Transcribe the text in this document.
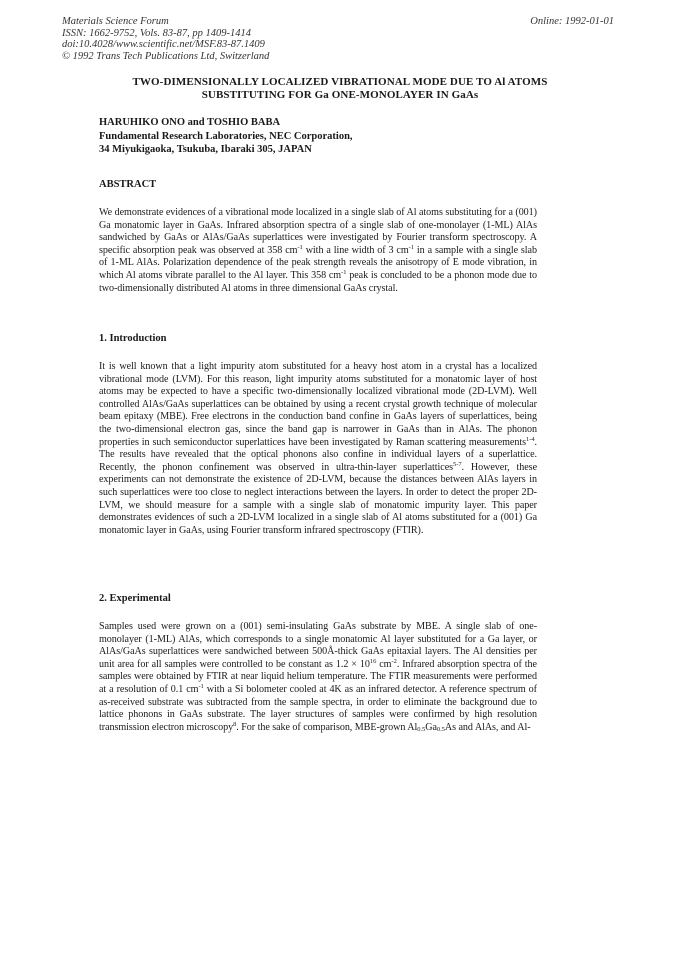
Materials Science Forum
ISSN: 1662-9752, Vols. 83-87, pp 1409-1414
doi:10.4028/www.scientific.net/MSF.83-87.1409
© 1992 Trans Tech Publications Ltd, Switzerland
Online: 1992-01-01
TWO-DIMENSIONALLY LOCALIZED VIBRATIONAL MODE DUE TO Al ATOMS
SUBSTITUTING FOR Ga ONE-MONOLAYER IN GaAs
HARUHIKO ONO and TOSHIO BABA
Fundamental Research Laboratories, NEC Corporation,
34 Miyukigaoka, Tsukuba, Ibaraki 305, JAPAN
ABSTRACT

We demonstrate evidences of a vibrational mode localized in a single slab of Al atoms substituting for a (001) Ga monatomic layer in GaAs. Infrared absorption spectra of a single slab of one-monolayer (1-ML) AlAs sandwiched by GaAs or AlAs/GaAs superlattices were investigated by Fourier transform spectroscopy. A specific absorption peak was observed at 358 $cm^{-1}$ with a line width of 3 $cm^{-1}$ in a sample with a single slab of 1-ML AlAs. Polarization dependence of the peak strength reveals the anisotropy of E mode vibration, in which Al atoms vibrate parallel to the Al layer. This 358 $cm^{-1}$ peak is concluded to be a phonon mode due to two-dimensionally distributed Al atoms in three dimensional GaAs crystal.

1. Introduction

It is well known that a light impurity atom substituted for a heavy host atom in a crystal has a localized vibrational mode (LVM). For this reason, light impurity atoms substituted for a monatomic layer of host atoms may be expected to have a specific two-dimensionally localized vibrational mode (2D-LVM). Well controlled AlAs/GaAs superlattices can be obtained by using a recent crystal growth technique of molecular beam epitaxy (MBE). Free electrons in the conduction band confine in GaAs layers of superlattices, being the two-dimensional electron gas, since the band gap is narrower in GaAs than in AlAs. The phonon properties in such semiconductor superlattices have been investigated by Raman scattering measurements$^{1-4}$. The results have revealed that the optical phonons also confine in individual layers of a superlattice. Recently, the phonon confinement was observed in ultra-thin-layer superlattices$^{5-7}$. However, these experiments can not demonstrate the existence of 2D-LVM, because the distances between AlAs layers in such superlattices were too close to neglect interactions between the layers. In order to detect the proper 2D-LVM, we should measure for a sample with a single slab of monatomic impurity layer. This paper demonstrates evidences of such a 2D-LVM localized in a single slab of Al atoms substituted for a (001) Ga monatomic layer in GaAs, using Fourier transform infrared spectroscopy (FTIR).

2. Experimental

Samples used were grown on a (001) semi-insulating GaAs substrate by MBE. A single slab of one-monolayer (1-ML) AlAs, which corresponds to a single monatomic Al layer substituted for a Ga layer, or AlAs/GaAs superlattices were sandwiched between 500Å-thick GaAs epitaxial layers. The Al densities per unit area for all samples were controlled to be constant as $1.2 \times 10^{16}$ $cm^{-2}$. Infrared absorption spectra of the samples were obtained by FTIR at near liquid helium temperature. The FTIR measurements were performed at a resolution of 0.1 $cm^{-1}$ with a Si bolometer cooled at 4K as an infrared detector. A reference spectrum of as-received substrate was subtracted from the sample spectra, in order to eliminate the background due to lattice phonons in GaAs substrate. The layer structures of samples were confirmed by high resolution transmission electron microscopy$^8$. For the sake of comparison, MBE-grown $Al_{0.5}Ga_{0.5}As$ and AlAs, and Al-
